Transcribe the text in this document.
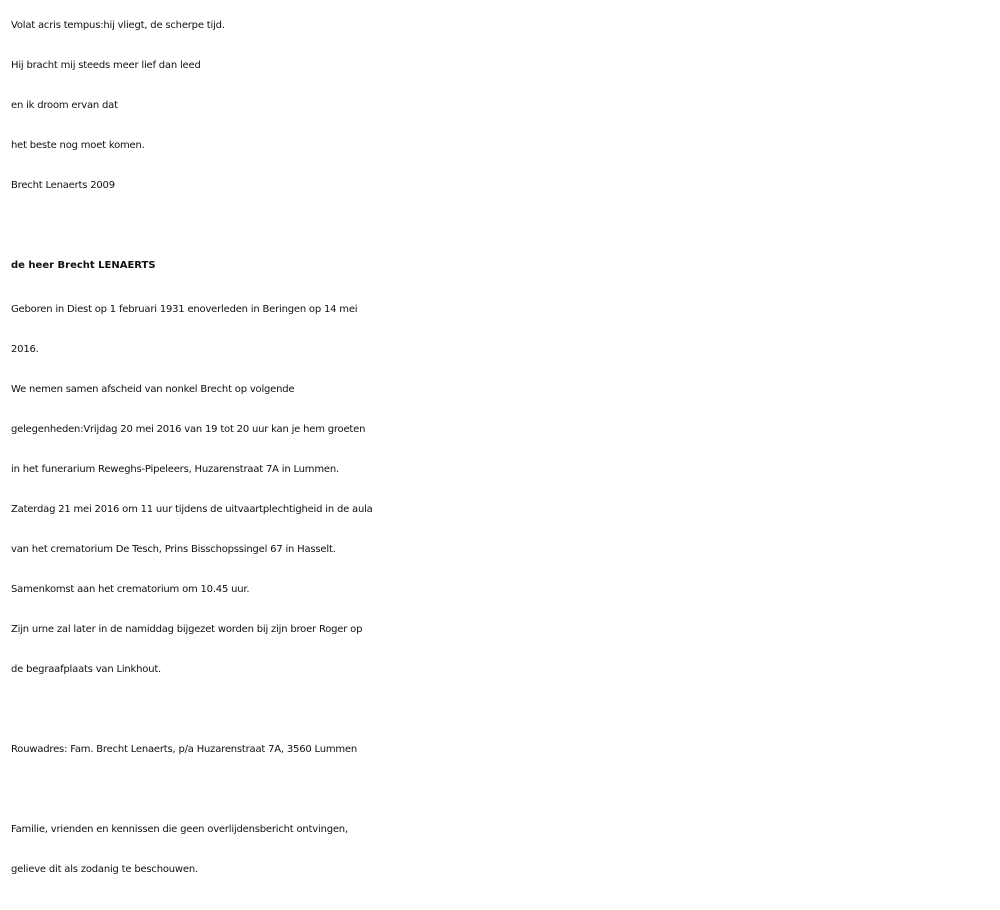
Volat acris tempus:hij vliegt, de scherpe tijd.
Hij bracht mij steeds meer lief dan leed
en ik droom ervan dat
het beste nog moet komen.
Brecht Lenaerts 2009
de heer Brecht LENAERTS
Geboren in Diest op 1 februari 1931 enoverleden in Beringen op 14 mei
2016.
We nemen samen afscheid van nonkel Brecht op volgende
gelegenheden:Vrijdag 20 mei 2016 van 19 tot 20 uur kan je hem groeten
in het funerarium Reweghs-Pipeleers, Huzarenstraat 7A in Lummen.
Zaterdag 21 mei 2016 om 11 uur tijdens de uitvaartplechtigheid in de aula
van het crematorium De Tesch, Prins Bisschopssingel 67 in Hasselt.
Samenkomst aan het crematorium om 10.45 uur.
Zijn urne zal later in de namiddag bijgezet worden bij zijn broer Roger op
de begraafplaats van Linkhout.
Rouwadres: Fam. Brecht Lenaerts, p/a Huzarenstraat 7A, 3560 Lummen
Familie, vrienden en kennissen die geen overlijdensbericht ontvingen,
gelieve dit als zodanig te beschouwen.
